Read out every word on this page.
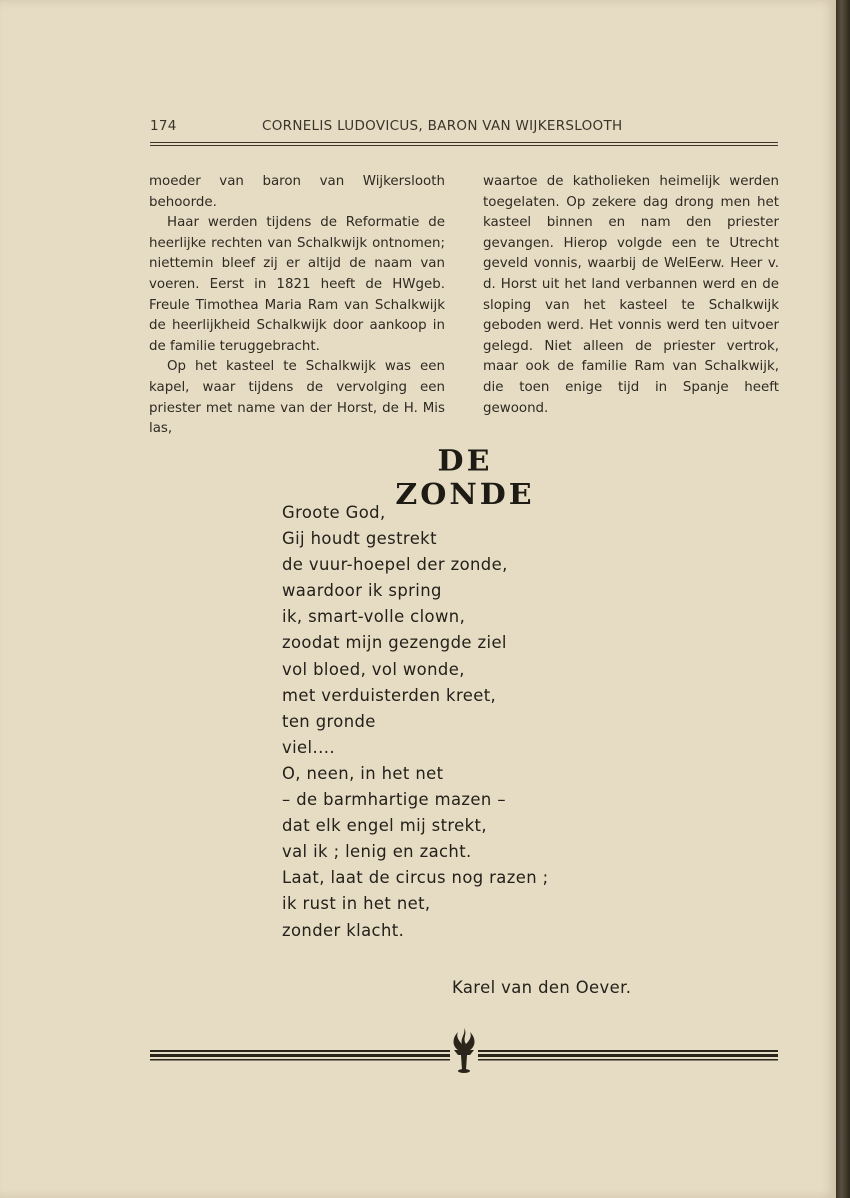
174	CORNELIS LUDOVICUS, BARON VAN WIJKERSLOOTH

moeder van baron van Wijkerslooth behoorde.

Haar werden tijdens de Reformatie de heerlijke rechten van Schalkwijk ontnomen; niettemin bleef zij er altijd de naam van voeren. Eerst in 1821 heeft de HWgeb. Freule Timothea Maria Ram van Schalkwijk de heerlijkheid Schalkwijk door aankoop in de familie teruggebracht.

Op het kasteel te Schalkwijk was een kapel, waar tijdens de vervolging een priester met name van der Horst, de H. Mis las,

waartoe de katholieken heimelijk werden toegelaten. Op zekere dag drong men het kasteel binnen en nam den priester gevangen. Hierop volgde een te Utrecht geveld vonnis, waarbij de WelEerw. Heer v. d. Horst uit het land verbannen werd en de sloping van het kasteel te Schalkwijk geboden werd. Het vonnis werd ten uitvoer gelegd. Niet alleen de priester vertrok, maar ook de familie Ram van Schalkwijk, die toen enige tijd in Spanje heeft gewoond.

DE ZONDE
Groote God,
Gij houdt gestrekt
de vuur-hoepel der zonde,
waardoor ik spring
ik, smart-volle clown,
zoodat mijn gezengde ziel
vol bloed, vol wonde,
met verduisterden kreet,
ten gronde
viel....
O, neen, in het net
– de barmhartige mazen –
dat elk engel mij strekt,
val ik ; lenig en zacht.
Laat, laat de circus nog razen ;
ik rust in het net,
zonder klacht.
Karel van den Oever.
